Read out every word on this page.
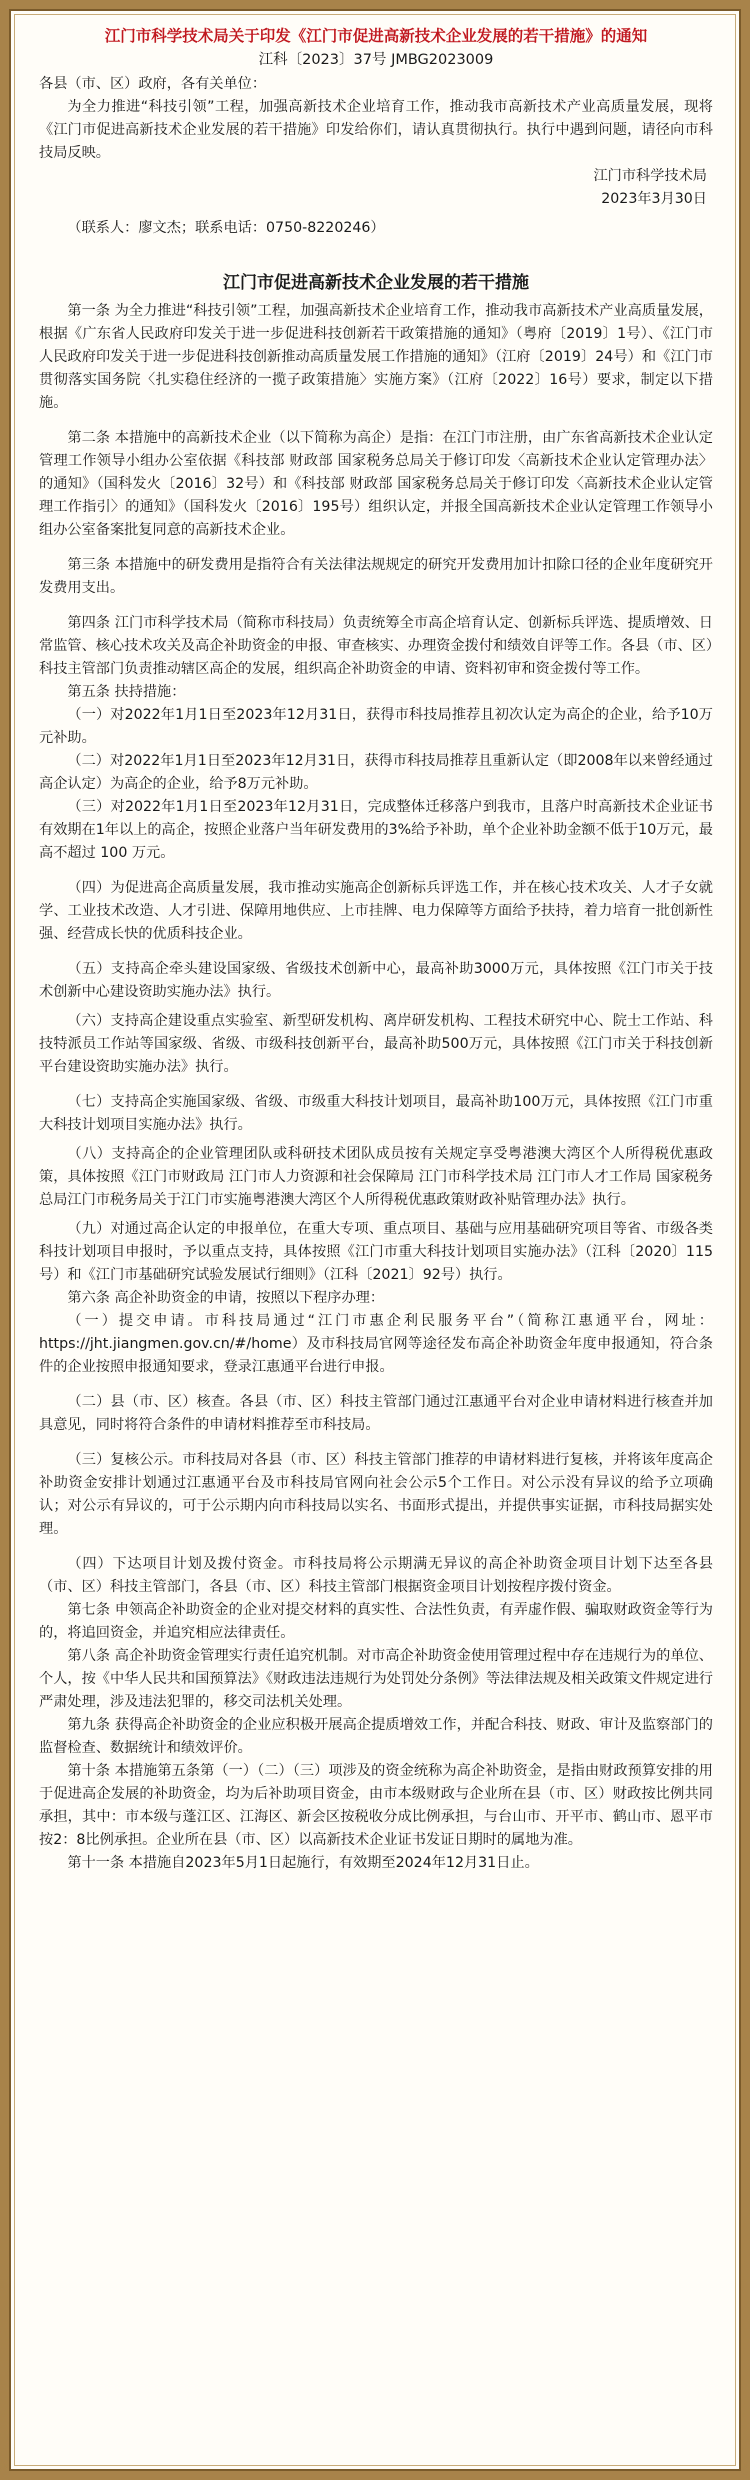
江门市科学技术局关于印发《江门市促进高新技术企业发展的若干措施》的通知

江科〔2023〕37号 JMBG2023009

各县（市、区）政府，各有关单位：

为全力推进“科技引领”工程，加强高新技术企业培育工作，推动我市高新技术产业高质量发展，现将《江门市促进高新技术企业发展的若干措施》印发给你们，请认真贯彻执行。执行中遇到问题，请径向市科技局反映。

江门市科学技术局

2023年3月30日

（联系人：廖文杰；联系电话：0750-8220246）

江门市促进高新技术企业发展的若干措施

第一条 为全力推进“科技引领”工程，加强高新技术企业培育工作，推动我市高新技术产业高质量发展，根据《广东省人民政府印发关于进一步促进科技创新若干政策措施的通知》（粤府〔2019〕1号）、《江门市人民政府印发关于进一步促进科技创新推动高质量发展工作措施的通知》（江府〔2019〕24号）和《江门市贯彻落实国务院〈扎实稳住经济的一揽子政策措施〉实施方案》（江府〔2022〕16号）要求，制定以下措施。

第二条 本措施中的高新技术企业（以下简称为高企）是指：在江门市注册，由广东省高新技术企业认定管理工作领导小组办公室依据《科技部 财政部 国家税务总局关于修订印发〈高新技术企业认定管理办法〉的通知》（国科发火〔2016〕32号）和《科技部 财政部 国家税务总局关于修订印发〈高新技术企业认定管理工作指引〉的通知》（国科发火〔2016〕195号）组织认定，并报全国高新技术企业认定管理工作领导小组办公室备案批复同意的高新技术企业。

第三条 本措施中的研发费用是指符合有关法律法规规定的研究开发费用加计扣除口径的企业年度研究开发费用支出。

第四条 江门市科学技术局（简称市科技局）负责统筹全市高企培育认定、创新标兵评选、提质增效、日常监管、核心技术攻关及高企补助资金的申报、审查核实、办理资金拨付和绩效自评等工作。各县（市、区）科技主管部门负责推动辖区高企的发展，组织高企补助资金的申请、资料初审和资金拨付等工作。

第五条 扶持措施：

（一）对2022年1月1日至2023年12月31日，获得市科技局推荐且初次认定为高企的企业，给予10万元补助。

（二）对2022年1月1日至2023年12月31日，获得市科技局推荐且重新认定（即2008年以来曾经通过高企认定）为高企的企业，给予8万元补助。

（三）对2022年1月1日至2023年12月31日，完成整体迁移落户到我市，且落户时高新技术企业证书有效期在1年以上的高企，按照企业落户当年研发费用的3%给予补助，单个企业补助金额不低于10万元，最高不超过 100 万元。

（四）为促进高企高质量发展，我市推动实施高企创新标兵评选工作，并在核心技术攻关、人才子女就学、工业技术改造、人才引进、保障用地供应、上市挂牌、电力保障等方面给予扶持，着力培育一批创新性强、经营成长快的优质科技企业。

（五）支持高企牵头建设国家级、省级技术创新中心，最高补助3000万元，具体按照《江门市关于技术创新中心建设资助实施办法》执行。

（六）支持高企建设重点实验室、新型研发机构、离岸研发机构、工程技术研究中心、院士工作站、科技特派员工作站等国家级、省级、市级科技创新平台，最高补助500万元，具体按照《江门市关于科技创新平台建设资助实施办法》执行。

（七）支持高企实施国家级、省级、市级重大科技计划项目，最高补助100万元，具体按照《江门市重大科技计划项目实施办法》执行。

（八）支持高企的企业管理团队或科研技术团队成员按有关规定享受粤港澳大湾区个人所得税优惠政策，具体按照《江门市财政局 江门市人力资源和社会保障局 江门市科学技术局 江门市人才工作局 国家税务总局江门市税务局关于江门市实施粤港澳大湾区个人所得税优惠政策财政补贴管理办法》执行。

（九）对通过高企认定的申报单位，在重大专项、重点项目、基础与应用基础研究项目等省、市级各类科技计划项目申报时，予以重点支持，具体按照《江门市重大科技计划项目实施办法》（江科〔2020〕115号）和《江门市基础研究试验发展试行细则》（江科〔2021〕92号）执行。

第六条 高企补助资金的申请，按照以下程序办理：

（一）提交申请。市科技局通过“江门市惠企利民服务平台”（简称江惠通平台，网址：https://jht.jiangmen.gov.cn/#/home）及市科技局官网等途径发布高企补助资金年度申报通知，符合条件的企业按照申报通知要求，登录江惠通平台进行申报。

（二）县（市、区）核查。各县（市、区）科技主管部门通过江惠通平台对企业申请材料进行核查并加具意见，同时将符合条件的申请材料推荐至市科技局。

（三）复核公示。市科技局对各县（市、区）科技主管部门推荐的申请材料进行复核，并将该年度高企补助资金安排计划通过江惠通平台及市科技局官网向社会公示5个工作日。对公示没有异议的给予立项确认；对公示有异议的，可于公示期内向市科技局以实名、书面形式提出，并提供事实证据，市科技局据实处理。

（四）下达项目计划及拨付资金。市科技局将公示期满无异议的高企补助资金项目计划下达至各县（市、区）科技主管部门，各县（市、区）科技主管部门根据资金项目计划按程序拨付资金。

第七条 申领高企补助资金的企业对提交材料的真实性、合法性负责，有弄虚作假、骗取财政资金等行为的，将追回资金，并追究相应法律责任。

第八条 高企补助资金管理实行责任追究机制。对市高企补助资金使用管理过程中存在违规行为的单位、个人，按《中华人民共和国预算法》《财政违法违规行为处罚处分条例》等法律法规及相关政策文件规定进行严肃处理，涉及违法犯罪的，移交司法机关处理。

第九条 获得高企补助资金的企业应积极开展高企提质增效工作，并配合科技、财政、审计及监察部门的监督检查、数据统计和绩效评价。

第十条 本措施第五条第（一）（二）（三）项涉及的资金统称为高企补助资金，是指由财政预算安排的用于促进高企发展的补助资金，均为后补助项目资金，由市本级财政与企业所在县（市、区）财政按比例共同承担，其中：市本级与蓬江区、江海区、新会区按税收分成比例承担，与台山市、开平市、鹤山市、恩平市按2：8比例承担。企业所在县（市、区）以高新技术企业证书发证日期时的属地为准。

第十一条 本措施自2023年5月1日起施行，有效期至2024年12月31日止。
